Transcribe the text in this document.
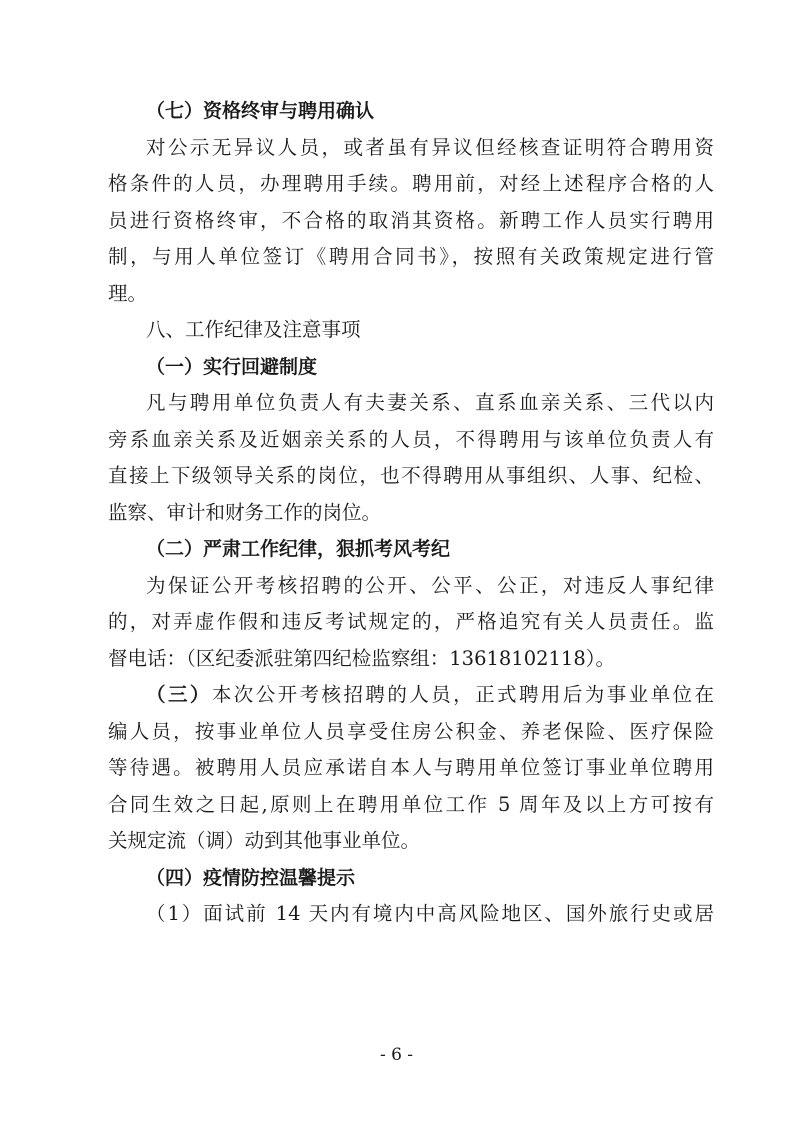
（七）资格终审与聘用确认

对公示无异议人员，或者虽有异议但经核查证明符合聘用资

格条件的人员，办理聘用手续。聘用前，对经上述程序合格的人

员进行资格终审，不合格的取消其资格。新聘工作人员实行聘用

制，与用人单位签订《聘用合同书》，按照有关政策规定进行管

理。

八、工作纪律及注意事项

（一）实行回避制度

凡与聘用单位负责人有夫妻关系、直系血亲关系、三代以内

旁系血亲关系及近姻亲关系的人员，不得聘用与该单位负责人有

直接上下级领导关系的岗位，也不得聘用从事组织、人事、纪检、

监察、审计和财务工作的岗位。

（二）严肃工作纪律，狠抓考风考纪

为保证公开考核招聘的公开、公平、公正，对违反人事纪律

的，对弄虚作假和违反考试规定的，严格追究有关人员责任。监

督电话：（区纪委派驻第四纪检监察组：13618102118）。

（三）本次公开考核招聘的人员，正式聘用后为事业单位在

编人员，按事业单位人员享受住房公积金、养老保险、医疗保险

等待遇。被聘用人员应承诺自本人与聘用单位签订事业单位聘用

合同生效之日起,原则上在聘用单位工作 5 周年及以上方可按有

关规定流（调）动到其他事业单位。

（四）疫情防控温馨提示

（1）面试前 14 天内有境内中高风险地区、国外旅行史或居

- 6 -
